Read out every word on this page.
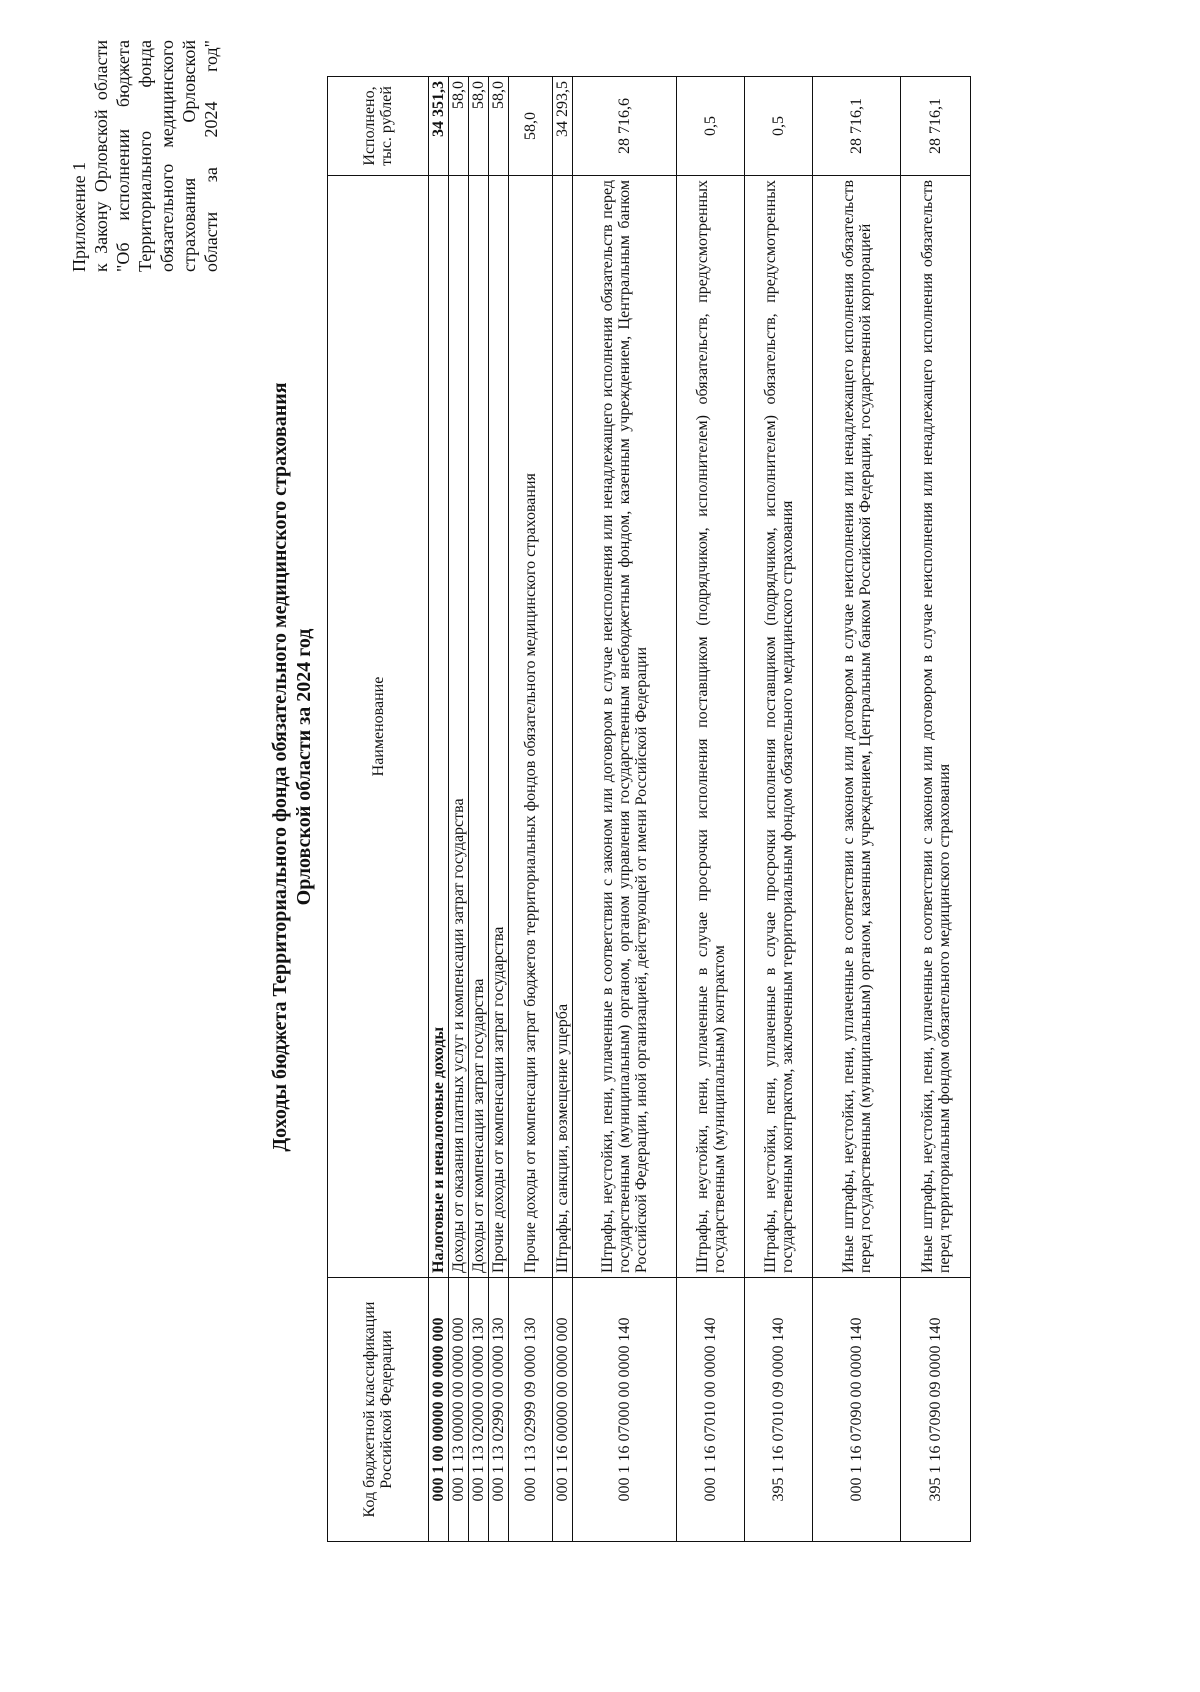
Приложение 1 к Закону Орловской области "Об исполнении бюджета Территориального фонда обязательного медицинского страхования Орловской области за 2024 год"
Доходы бюджета Территориального фонда обязательного медицинского страхования Орловской области за 2024 год
Код бюджетной классификации Российской Федерации	Наименование	Исполнено, тыс. рублей
000 1 00 00000 00 0000 000	Налоговые и неналоговые доходы	34 351,3
000 1 13 00000 00 0000 000	Доходы от оказания платных услуг и компенсации затрат государства	58,0
000 1 13 02000 00 0000 130	Доходы от компенсации затрат государства	58,0
000 1 13 02990 00 0000 130	Прочие доходы от компенсации затрат государства	58,0
000 1 13 02999 09 0000 130	Прочие доходы от компенсации затрат бюджетов территориальных фондов обязательного медицинского страхования	58,0
000 1 16 00000 00 0000 000	Штрафы, санкции, возмещение ущерба	34 293,5
000 1 16 07000 00 0000 140	Штрафы, неустойки, пени, уплаченные в соответствии с законом или договором в случае неисполнения или ненадлежащего исполнения обязательств перед государственным (муниципальным) органом, органом управления государственным внебюджетным фондом, казенным учреждением, Центральным банком Российской Федерации, иной организацией, действующей от имени Российской Федерации	28 716,6
000 1 16 07010 00 0000 140	Штрафы, неустойки, пени, уплаченные в случае просрочки исполнения поставщиком (подрядчиком, исполнителем) обязательств, предусмотренных государственным (муниципальным) контрактом	0,5
395 1 16 07010 09 0000 140	Штрафы, неустойки, пени, уплаченные в случае просрочки исполнения поставщиком (подрядчиком, исполнителем) обязательств, предусмотренных государственным контрактом, заключенным территориальным фондом обязательного медицинского страхования	0,5
000 1 16 07090 00 0000 140	Иные штрафы, неустойки, пени, уплаченные в соответствии с законом или договором в случае неисполнения или ненадлежащего исполнения обязательств перед государственным (муниципальным) органом, казенным учреждением, Центральным банком Российской Федерации, государственной корпорацией	28 716,1
395 1 16 07090 09 0000 140	Иные штрафы, неустойки, пени, уплаченные в соответствии с законом или договором в случае неисполнения или ненадлежащего исполнения обязательств перед территориальным фондом обязательного медицинского страхования	28 716,1
